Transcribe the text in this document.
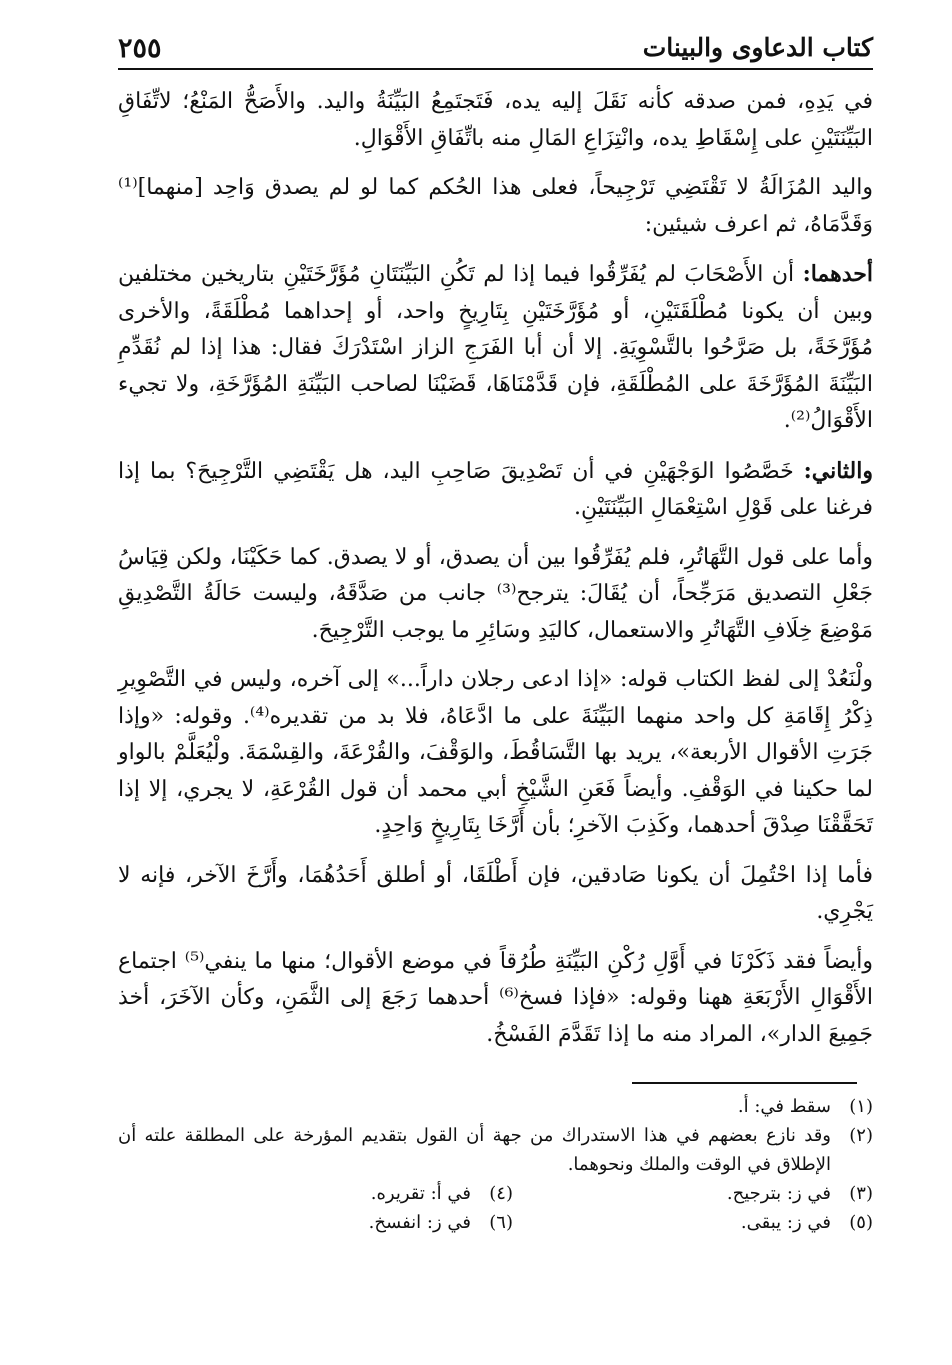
٢٥٥	كتاب الدعاوى والبينات

في يَدِهِ، فمن صدقه كأنه نَقَلَ إليه يده، فَتَجتَمِعُ البَيِّنَةُ واليد. والأَصَحُّ المَنْعُ؛ لاتِّفَاقِ البَيِّنَتَيْنِ على إِسْقَاطِ يده، وانْتِزَاعِ المَالِ منه باتِّفَاقِ الأَقْوَالِ.

واليد المُزَالَةُ لا تَقْتَضِي تَرْجِيحاً، فعلى هذا الحُكم كما لو لم يصدق وَاحِد [منهما]⁽¹⁾ وَقَدَّمَاهُ، ثم اعرف شيئين:

أحدهما: أن الأَصْحَابَ لم يُفَرِّقُوا فيما إذا لم تَكُنِ البَيِّنَتَانِ مُؤَرَّخَتَيْنِ بتاريخين مختلفين وبين أن يكونا مُطْلَقَتَيْنِ، أو مُؤَرَّخَتَيْنِ بِتَارِيخٍ واحد، أو إحداهما مُطْلَقَةً، والأخرى مُؤَرَّخَةً، بل صَرَّحُوا بالتَّسْوِيَةِ. إلا أن أبا الفَرَجِ الزاز اسْتَدْرَكَ فقال: هذا إذا لم نُقَدِّمِ البَيِّنَةَ المُؤَرَّخَةَ على المُطْلَقَةِ، فإن قَدَّمْنَاهَا، قَضَيْنَا لصاحب البَيِّنَةِ المُؤَرَّخَةِ، ولا تجيء الأَقْوَالُ⁽²⁾.

والثاني: خَصَّصُوا الوَجْهَيْنِ في أن تَصْدِيقَ صَاحِبِ اليد، هل يَقْتَضِي التَّرْجِيحَ؟ بما إذا فرغنا على قَوْلِ اسْتِعْمَالِ البَيِّنَتَيْنِ.

وأما على قول التَّهَاتُرِ، فلم يُفَرِّقُوا بين أن يصدق، أو لا يصدق. كما حَكَيْنَا، ولكن قِيَاسُ جَعْلِ التصديق مَرَجِّحاً، أن يُقَالَ: يترجح⁽³⁾ جانب من صَدَّقَهُ، وليست حَالَةُ التَّصْدِيقِ مَوْضِعَ خِلَافِ التَّهَاتُرِ والاستعمال، كاليَدِ وسَائِرِ ما يوجب التَّرْجِيحَ.

ولْنَعُدْ إلى لفظ الكتاب قوله: «إذا ادعى رجلان داراً...» إلى آخره، وليس في التَّصْوِيرِ ذِكْرُ إِقَامَةِ كل واحد منهما البَيِّنَةَ على ما ادَّعَاهُ، فلا بد من تقديره⁽⁴⁾. وقوله: «وإذا جَرَتِ الأقوال الأربعة»، يريد بها التَّسَاقُطَ، والوَقْفَ، والقُرْعَةَ، والقِسْمَةَ. ولْيُعَلَّمْ بالواو لما حكينا في الوَقْفِ. وأيضاً فَعَنِ الشَّيْخِ أبي محمد أن قول القُرْعَةِ، لا يجري، إلا إذا تَحَقَّقْنَا صِدْقَ أحدهما، وكَذِبَ الآخرِ؛ بأن أَرَّخَا بِتَارِيخٍ وَاحِدٍ.

فأما إذا احْتُمِلَ أن يكونا صَادقين، فإن أَطْلَقَا، أو أطلق أَحَدُهُمَا، وأَرَّخَ الآخر، فإنه لا يَجْرِي.

وأيضاً فقد ذَكَرْنَا في أَوَّلِ رُكْنِ البَيِّنَةِ طُرُقاً في موضع الأقوال؛ منها ما ينفي⁽⁵⁾ اجتماع الأَقْوَالِ الأَرْبَعَةِ ههنا وقوله: «فإذا فسخ⁽⁶⁾ أحدهما رَجَعَ إلى الثَّمَنِ، وكأن الآخَرَ، أخذ جَمِيعَ الدار»، المراد منه ما إذا تَقَدَّمَ الفَسْخُ.

(١)
سقط في: أ.
(٢)
وقد نازع بعضهم في هذا الاستدراك من جهة أن القول بتقديم المؤرخة على المطلقة علته أن الإطلاق في الوقت والملك ونحوهما.
(٣)
في ز: بترجيح.
(٤)
في أ: تقريره.
(٥)
في ز: يبقى.
(٦)
في ز: انفسخ.
